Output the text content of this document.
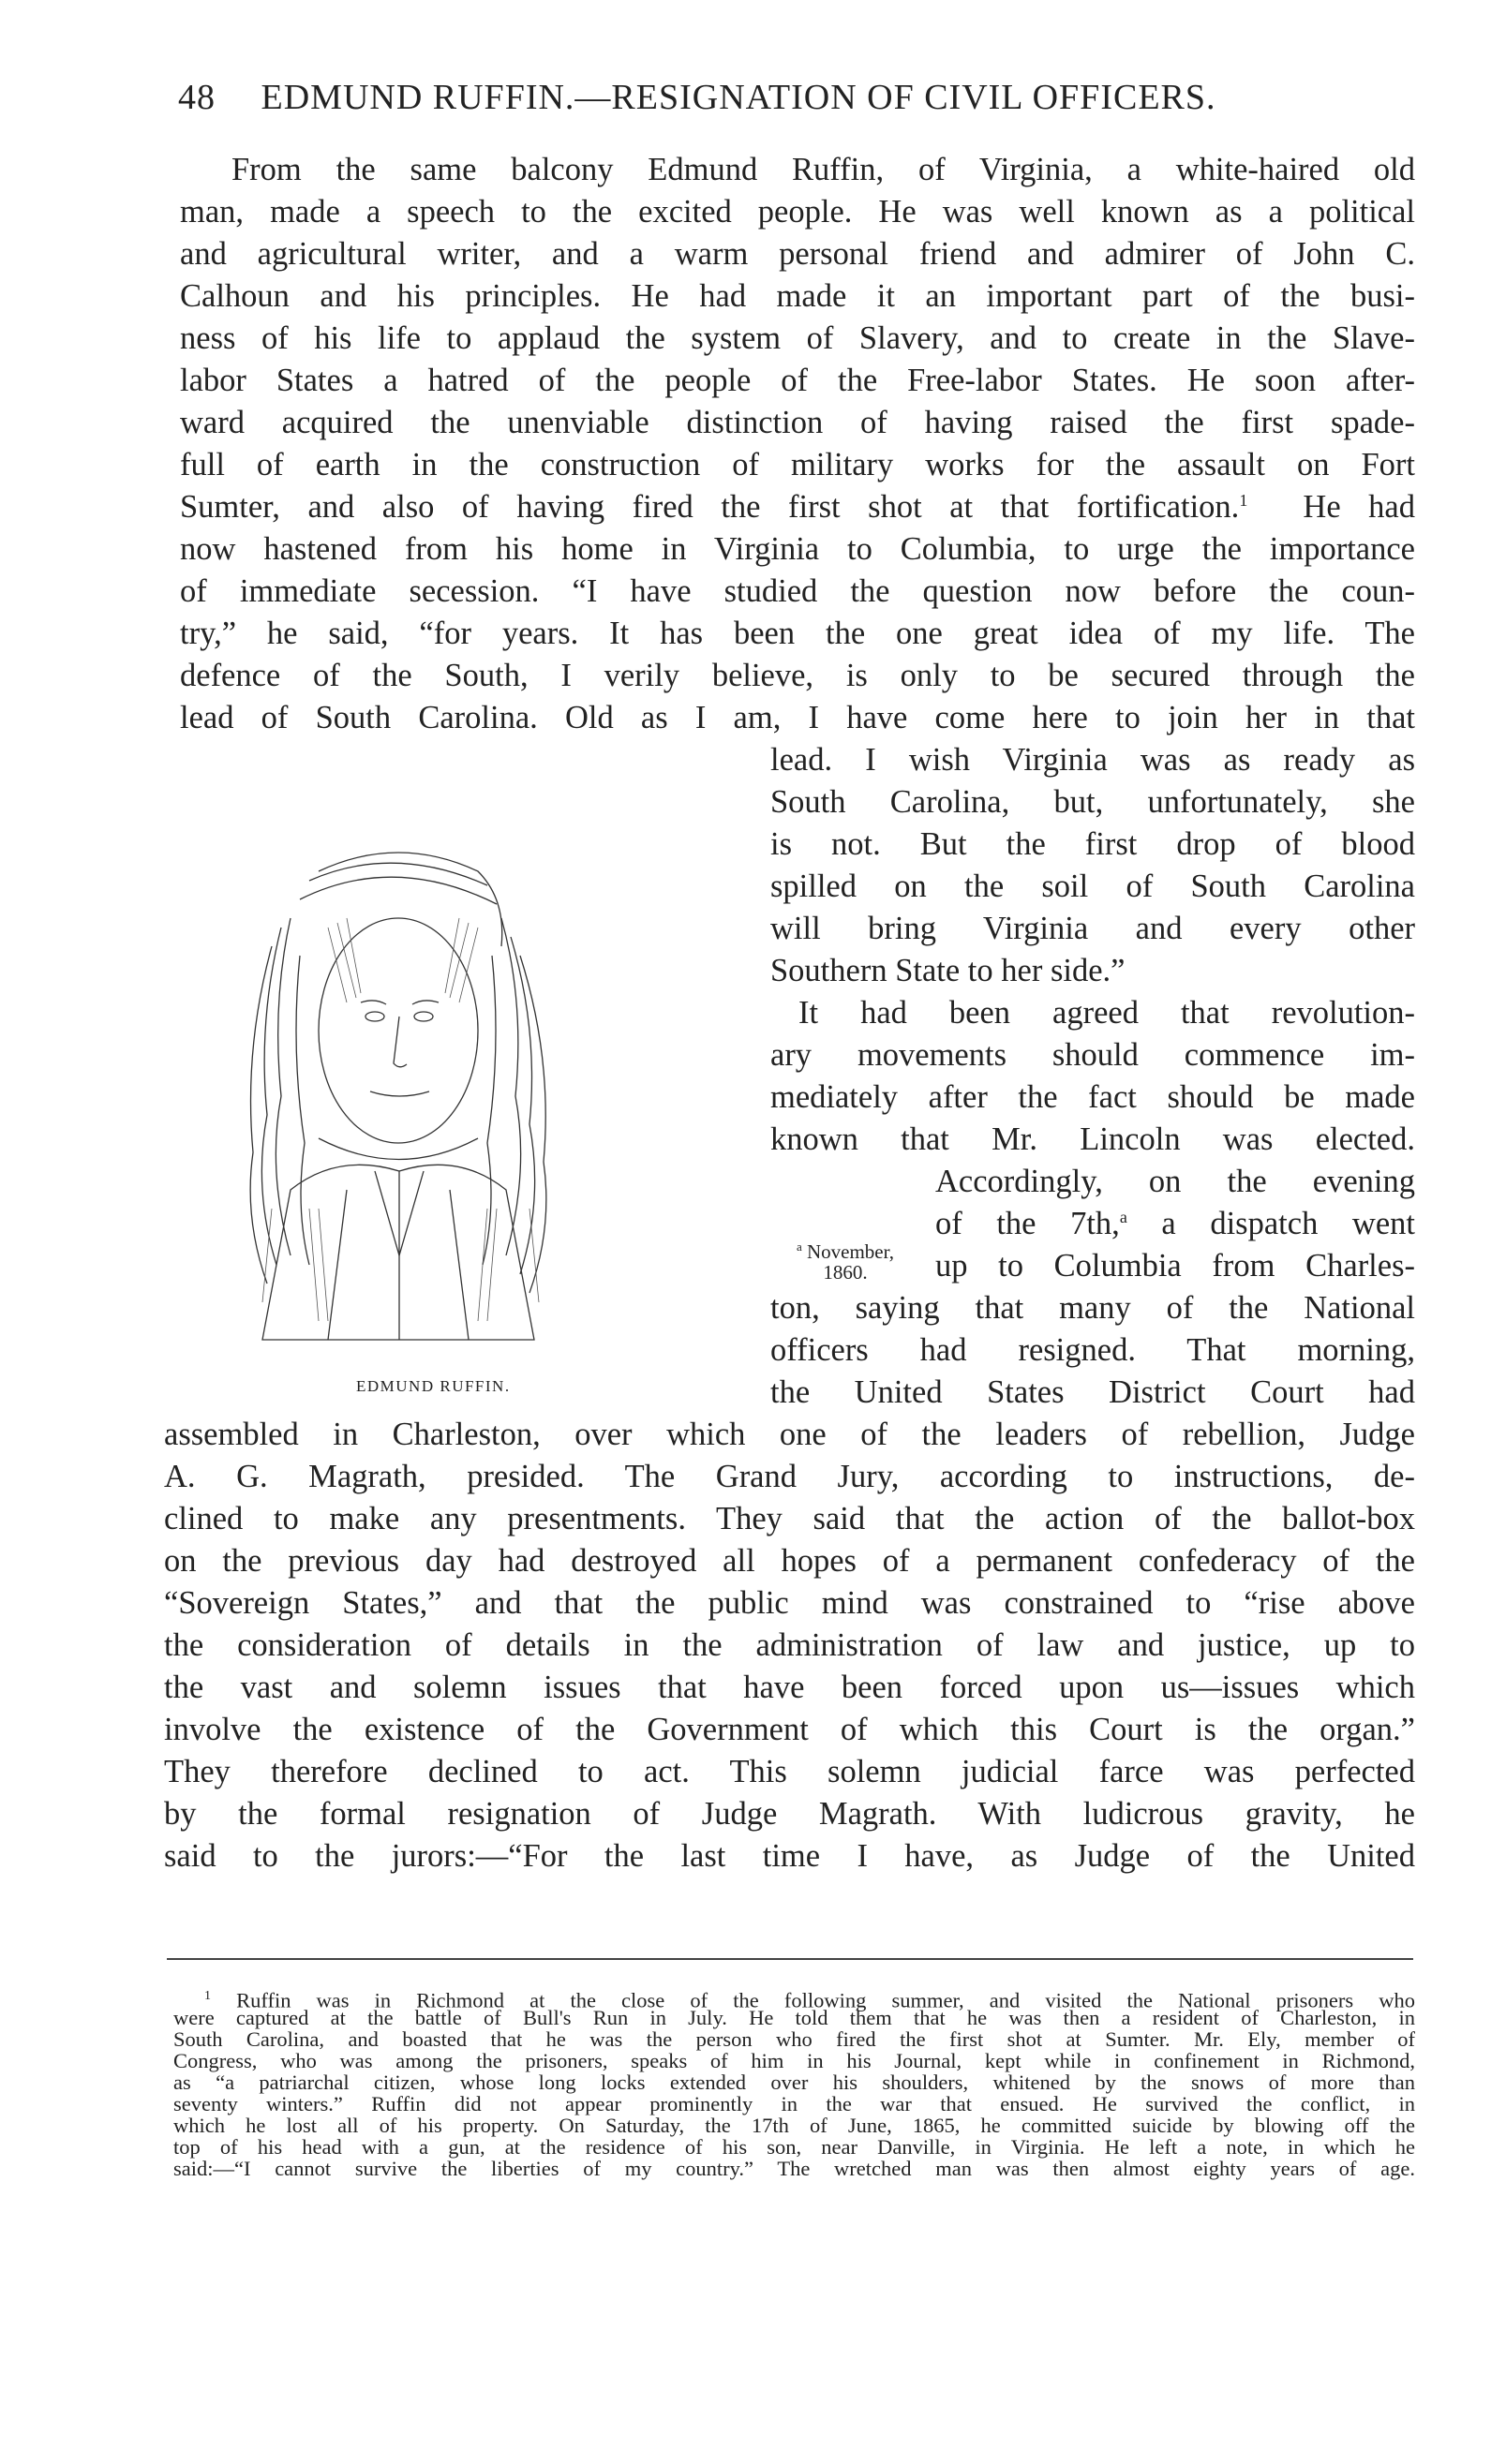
48 EDMUND RUFFIN.—RESIGNATION OF CIVIL OFFICERS.
From the same balcony Edmund Ruffin, of Virginia, a white-haired old
man, made a speech to the excited people. He was well known as a political
and agricultural writer, and a warm personal friend and admirer of John C.
Calhoun and his principles. He had made it an important part of the busi-
ness of his life to applaud the system of Slavery, and to create in the Slave-
labor States a hatred of the people of the Free-labor States. He soon after-
ward acquired the unenviable distinction of having raised the first spade-
full of earth in the construction of military works for the assault on Fort
Sumter, and also of having fired the first shot at that fortification.$^1$ He had
now hastened from his home in Virginia to Columbia, to urge the importance
of immediate secession. “I have studied the question now before the coun-
try,” he said, “for years. It has been the one great idea of my life. The
defence of the South, I verily believe, is only to be secured through the
lead of South Carolina. Old as I am, I have come here to join her in that
lead. I wish Virginia was as ready as
South Carolina, but, unfortunately, she
is not. But the first drop of blood
spilled on the soil of South Carolina
will bring Virginia and every other
Southern State to her side.”
It had been agreed that revolution-
ary movements should commence im-
mediately after the fact should be made
known that Mr. Lincoln was elected.
Accordingly, on the evening
of the 7th,$^a$ a dispatch went
up to Columbia from Charles-
ton, saying that many of the National
officers had resigned. That morning,
the United States District Court had
assembled in Charleston, over which one of the leaders of rebellion, Judge
A. G. Magrath, presided. The Grand Jury, according to instructions, de-
clined to make any presentments. They said that the action of the ballot-box
on the previous day had destroyed all hopes of a permanent confederacy of the
“Sovereign States,” and that the public mind was constrained to “rise above
the consideration of details in the administration of law and justice, up to
the vast and solemn issues that have been forced upon us—issues which
involve the existence of the Government of which this Court is the organ.”
They therefore declined to act. This solemn judicial farce was perfected
by the formal resignation of Judge Magrath. With ludicrous gravity, he
said to the jurors:—“For the last time I have, as Judge of the United
$^a$ November,
1860.
EDMUND RUFFIN.
$^1$ Ruffin was in Richmond at the close of the following summer, and visited the National prisoners who
were captured at the battle of Bull's Run in July. He told them that he was then a resident of Charleston, in
South Carolina, and boasted that he was the person who fired the first shot at Sumter. Mr. Ely, member of
Congress, who was among the prisoners, speaks of him in his Journal, kept while in confinement in Richmond,
as “a patriarchal citizen, whose long locks extended over his shoulders, whitened by the snows of more than
seventy winters.” Ruffin did not appear prominently in the war that ensued. He survived the conflict, in
which he lost all of his property. On Saturday, the 17th of June, 1865, he committed suicide by blowing off the
top of his head with a gun, at the residence of his son, near Danville, in Virginia. He left a note, in which he
said:—“I cannot survive the liberties of my country.” The wretched man was then almost eighty years of age.
